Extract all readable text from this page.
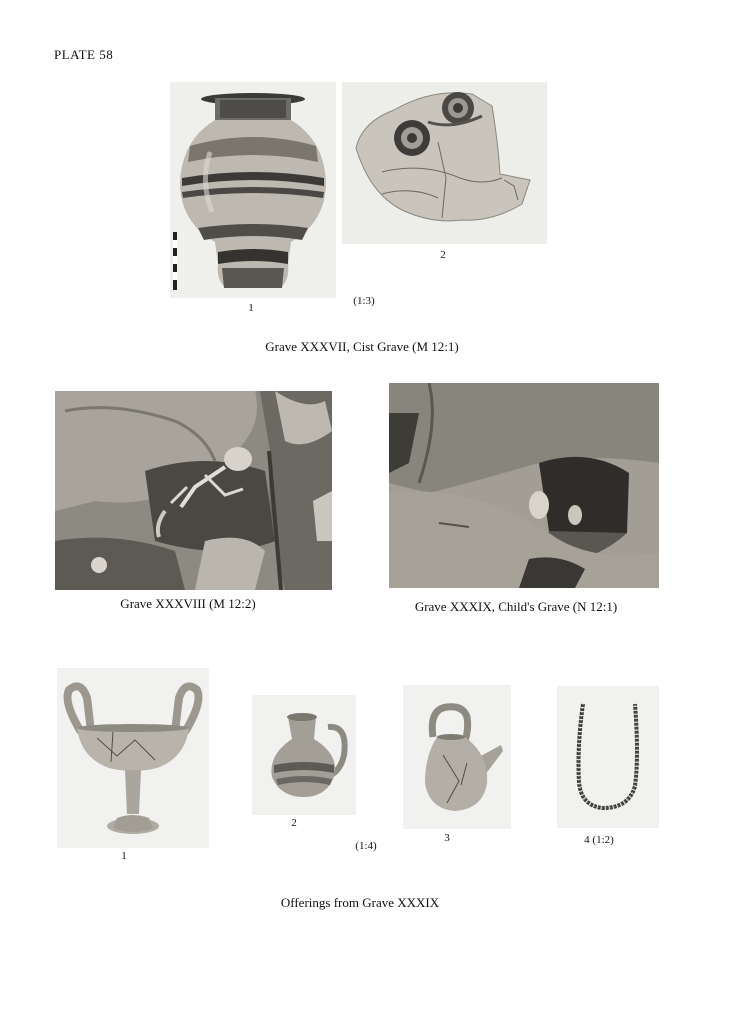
PLATE 58
1
2
(1:3)
Grave XXXVII, Cist Grave (M 12:1)
Grave XXXVIII (M 12:2)	Grave XXXIX, Child's Grave (N 12:1)
1
2
3	4 (1:2)
(1:4)
Offerings from Grave XXXIX
